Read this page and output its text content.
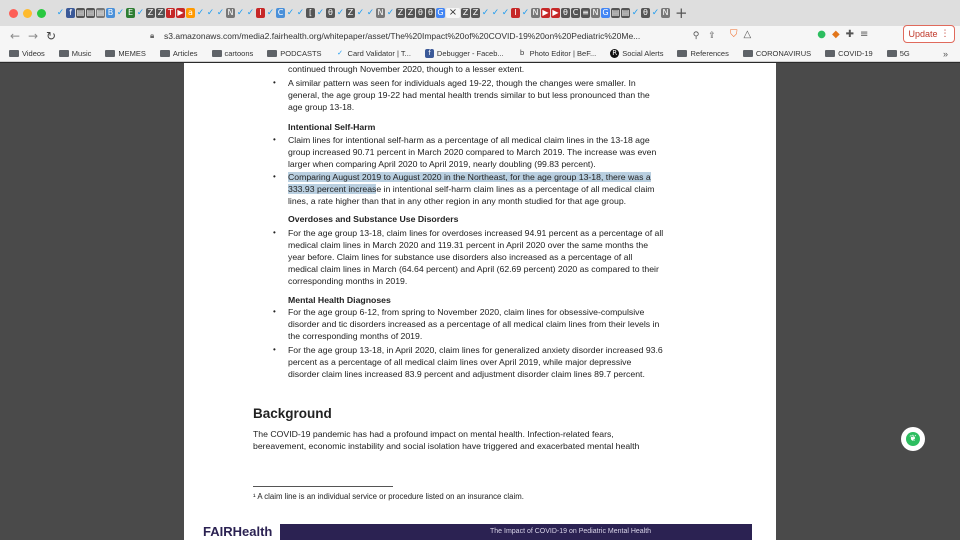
✓ f ▤ ▤ ▤ B ✓ E ✓ Z Z T ▶ a ✓ ✓ ✓ N ✓ ✓ I ✓ C ✓ ✓ [ ✓ θ ✓ Z ✓ ✓ N ✓ Z Z θ θ G × Z Z ✓ ✓ ✓ I ✓ N ▶ ▶ θ C ≡ N G ▤ ▤ ✓ θ ✓ N +
← → ↻	🔒︎	s3.amazonaws.com/media2.fairhealth.org/whitepaper/asset/The%20Impact%20of%20COVID-19%20on%20Pediatric%20Me...	⚲ ⇪	⛉ △	● ◆ ✚ ≡	Update ⋮
Videos	Music	MEMES	Articles	cartoons	PODCASTS ✓ Card Validator | T...	f Debugger - Faceb...	b Photo Editor | BeF... R Social Alerts	References	CORONAVIRUS	COVID-19	5G	»
continued through November 2020, though to a lesser extent.
• A similar pattern was seen for individuals aged 19-22, though the changes were smaller. In
general, the age group 19-22 had mental health trends similar to but less pronounced than the
age group 13-18.
Intentional Self-Harm
• Claim lines for intentional self-harm as a percentage of all medical claim lines in the 13-18 age
group increased 90.71 percent in March 2020 compared to March 2019. The increase was even
larger when comparing April 2020 to April 2019, nearly doubling (99.83 percent).
• Comparing August 2019 to August 2020 in the Northeast, for the age group 13-18, there was a
333.93 percent increase in intentional self-harm claim lines as a percentage of all medical claim
lines, a rate higher than that in any other region in any month studied for that age group.
Overdoses and Substance Use Disorders
• For the age group 13-18, claim lines for overdoses increased 94.91 percent as a percentage of all
medical claim lines in March 2020 and 119.31 percent in April 2020 over the same months the
year before. Claim lines for substance use disorders also increased as a percentage of all
medical claim lines in March (64.64 percent) and April (62.69 percent) 2020 as compared to their
corresponding months in 2019.
Mental Health Diagnoses
• For the age group 6-12, from spring to November 2020, claim lines for obsessive-compulsive
disorder and tic disorders increased as a percentage of all medical claim lines from their levels in
the corresponding months of 2019.
• For the age group 13-18, in April 2020, claim lines for generalized anxiety disorder increased 93.6
percent as a percentage of all medical claim lines over April 2019, while major depressive
disorder claim lines increased 83.9 percent and adjustment disorder claim lines 89.7 percent.
Background
The COVID-19 pandemic has had a profound impact on mental health. Infection-related fears,
bereavement, economic instability and social isolation have triggered and exacerbated mental health
¹ A claim line is an individual service or procedure listed on an insurance claim.
FAIRHealth	The Impact of COVID-19 on Pediatric Mental Health
❦
